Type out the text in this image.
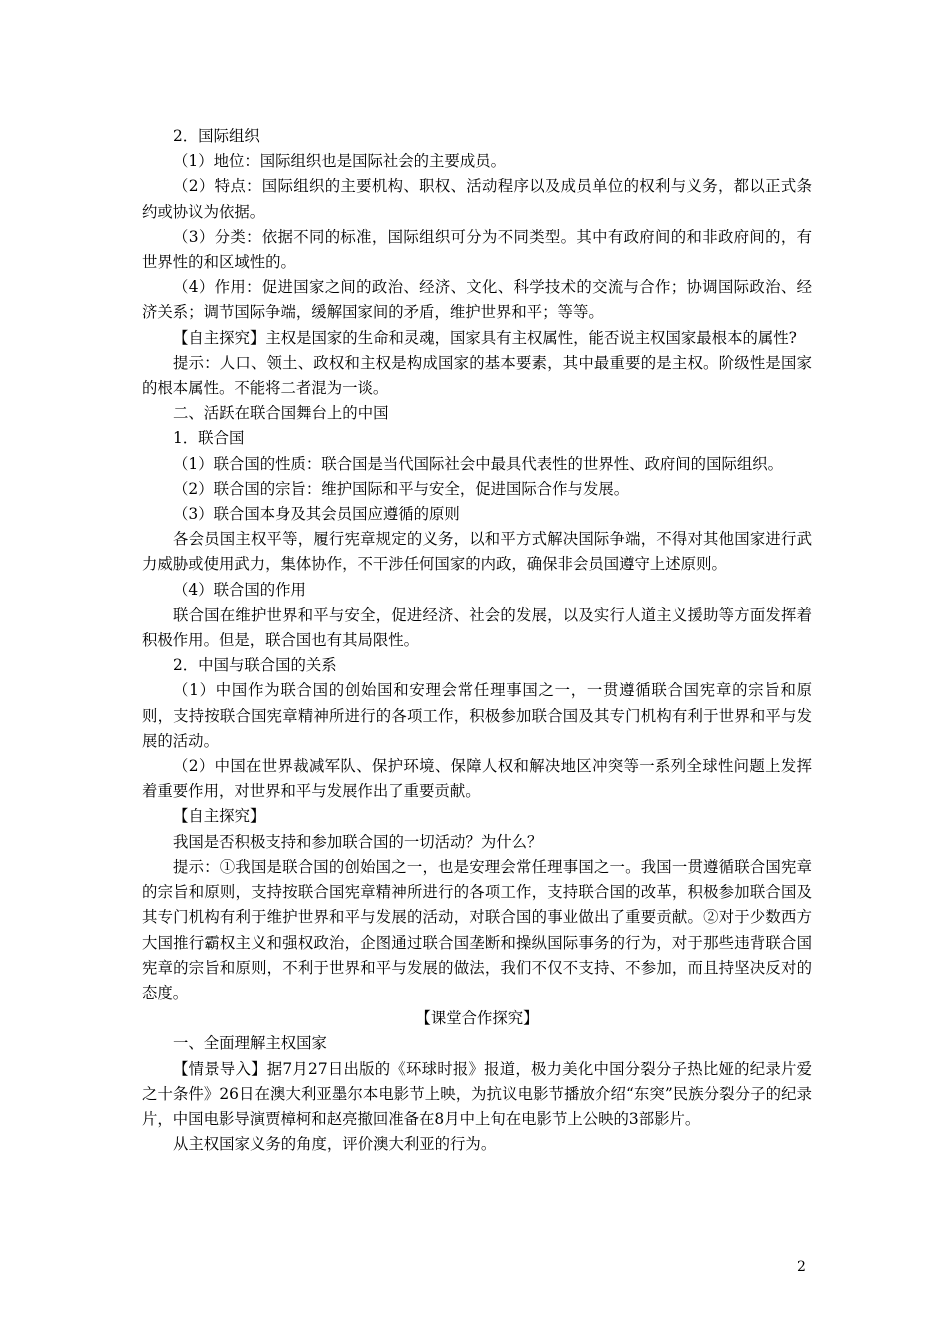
2．国际组织

（1）地位：国际组织也是国际社会的主要成员。

（2）特点：国际组织的主要机构、职权、活动程序以及成员单位的权利与义务，都以正式条约或协议为依据。

（3）分类：依据不同的标准，国际组织可分为不同类型。其中有政府间的和非政府间的，有世界性的和区域性的。

（4）作用：促进国家之间的政治、经济、文化、科学技术的交流与合作；协调国际政治、经济关系；调节国际争端，缓解国家间的矛盾，维护世界和平；等等。

【自主探究】主权是国家的生命和灵魂，国家具有主权属性，能否说主权国家最根本的属性?

提示：人口、领土、政权和主权是构成国家的基本要素，其中最重要的是主权。阶级性是国家的根本属性。不能将二者混为一谈。

二、活跃在联合国舞台上的中国

1．联合国

（1）联合国的性质：联合国是当代国际社会中最具代表性的世界性、政府间的国际组织。

（2）联合国的宗旨：维护国际和平与安全，促进国际合作与发展。

（3）联合国本身及其会员国应遵循的原则

各会员国主权平等，履行宪章规定的义务，以和平方式解决国际争端，不得对其他国家进行武力威胁或使用武力，集体协作，不干涉任何国家的内政，确保非会员国遵守上述原则。

（4）联合国的作用

联合国在维护世界和平与安全，促进经济、社会的发展，以及实行人道主义援助等方面发挥着积极作用。但是，联合国也有其局限性。

2．中国与联合国的关系

（1）中国作为联合国的创始国和安理会常任理事国之一，一贯遵循联合国宪章的宗旨和原则，支持按联合国宪章精神所进行的各项工作，积极参加联合国及其专门机构有利于世界和平与发展的活动。

（2）中国在世界裁减军队、保护环境、保障人权和解决地区冲突等一系列全球性问题上发挥着重要作用，对世界和平与发展作出了重要贡献。

【自主探究】

我国是否积极支持和参加联合国的一切活动？为什么？

提示：①我国是联合国的创始国之一，也是安理会常任理事国之一。我国一贯遵循联合国宪章的宗旨和原则，支持按联合国宪章精神所进行的各项工作，支持联合国的改革，积极参加联合国及其专门机构有利于维护世界和平与发展的活动，对联合国的事业做出了重要贡献。②对于少数西方大国推行霸权主义和强权政治，企图通过联合国垄断和操纵国际事务的行为，对于那些违背联合国宪章的宗旨和原则，不利于世界和平与发展的做法，我们不仅不支持、不参加，而且持坚决反对的态度。

【课堂合作探究】

一、全面理解主权国家

【情景导入】据7月27日出版的《环球时报》报道，极力美化中国分裂分子热比娅的纪录片爱之十条件》26日在澳大利亚墨尔本电影节上映，为抗议电影节播放介绍“东突”民族分裂分子的纪录片，中国电影导演贾樟柯和赵亮撤回准备在8月中上旬在电影节上公映的3部影片。

从主权国家义务的角度，评价澳大利亚的行为。

2
